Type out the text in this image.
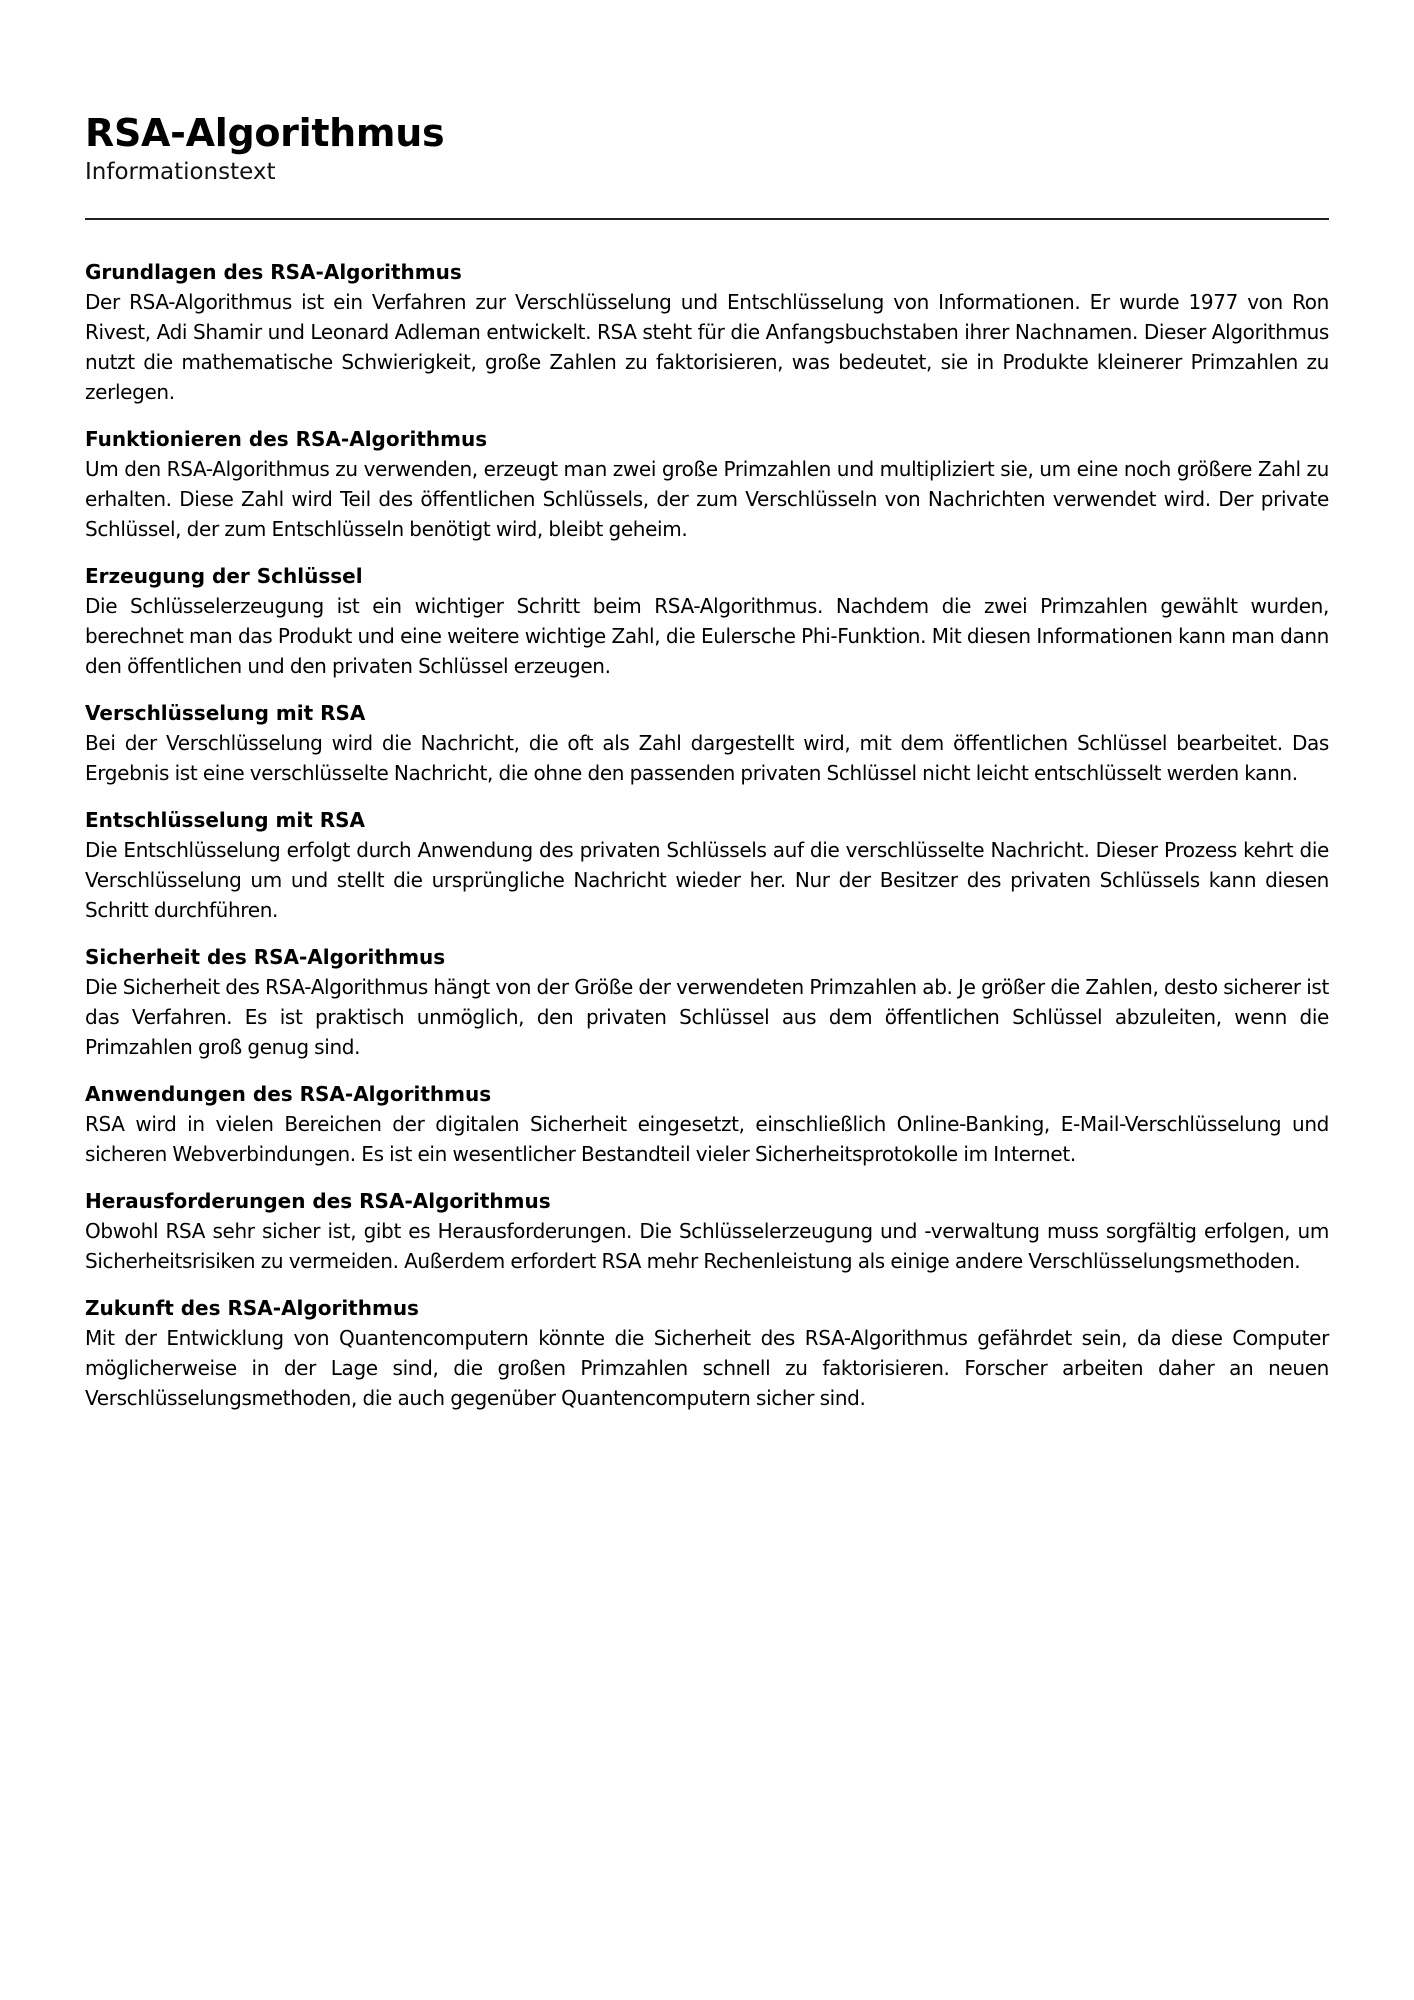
RSA-Algorithmus

Informationstext

Grundlagen des RSA-Algorithmus

Der RSA-Algorithmus ist ein Verfahren zur Verschlüsselung und Entschlüsselung von Informationen. Er wurde 1977 von Ron Rivest, Adi Shamir und Leonard Adleman entwickelt. RSA steht für die Anfangsbuchstaben ihrer Nachnamen. Dieser Algorithmus nutzt die mathematische Schwierigkeit, große Zahlen zu faktorisieren, was bedeutet, sie in Produkte kleinerer Primzahlen zu zerlegen.

Funktionieren des RSA-Algorithmus

Um den RSA-Algorithmus zu verwenden, erzeugt man zwei große Primzahlen und multipliziert sie, um eine noch größere Zahl zu erhalten. Diese Zahl wird Teil des öffentlichen Schlüssels, der zum Verschlüsseln von Nachrichten verwendet wird. Der private Schlüssel, der zum Entschlüsseln benötigt wird, bleibt geheim.

Erzeugung der Schlüssel

Die Schlüsselerzeugung ist ein wichtiger Schritt beim RSA-Algorithmus. Nachdem die zwei Primzahlen gewählt wurden, berechnet man das Produkt und eine weitere wichtige Zahl, die Eulersche Phi-Funktion. Mit diesen Informationen kann man dann den öffentlichen und den privaten Schlüssel erzeugen.

Verschlüsselung mit RSA

Bei der Verschlüsselung wird die Nachricht, die oft als Zahl dargestellt wird, mit dem öffentlichen Schlüssel bearbeitet. Das Ergebnis ist eine verschlüsselte Nachricht, die ohne den passenden privaten Schlüssel nicht leicht entschlüsselt werden kann.

Entschlüsselung mit RSA

Die Entschlüsselung erfolgt durch Anwendung des privaten Schlüssels auf die verschlüsselte Nachricht. Dieser Prozess kehrt die Verschlüsselung um und stellt die ursprüngliche Nachricht wieder her. Nur der Besitzer des privaten Schlüssels kann diesen Schritt durchführen.

Sicherheit des RSA-Algorithmus

Die Sicherheit des RSA-Algorithmus hängt von der Größe der verwendeten Primzahlen ab. Je größer die Zahlen, desto sicherer ist das Verfahren. Es ist praktisch unmöglich, den privaten Schlüssel aus dem öffentlichen Schlüssel abzuleiten, wenn die Primzahlen groß genug sind.

Anwendungen des RSA-Algorithmus

RSA wird in vielen Bereichen der digitalen Sicherheit eingesetzt, einschließlich Online-Banking, E-Mail-Verschlüsselung und sicheren Webverbindungen. Es ist ein wesentlicher Bestandteil vieler Sicherheitsprotokolle im Internet.

Herausforderungen des RSA-Algorithmus

Obwohl RSA sehr sicher ist, gibt es Herausforderungen. Die Schlüsselerzeugung und -verwaltung muss sorgfältig erfolgen, um Sicherheitsrisiken zu vermeiden. Außerdem erfordert RSA mehr Rechenleistung als einige andere Verschlüsselungsmethoden.

Zukunft des RSA-Algorithmus

Mit der Entwicklung von Quantencomputern könnte die Sicherheit des RSA-Algorithmus gefährdet sein, da diese Computer möglicherweise in der Lage sind, die großen Primzahlen schnell zu faktorisieren. Forscher arbeiten daher an neuen Verschlüsselungsmethoden, die auch gegenüber Quantencomputern sicher sind.
